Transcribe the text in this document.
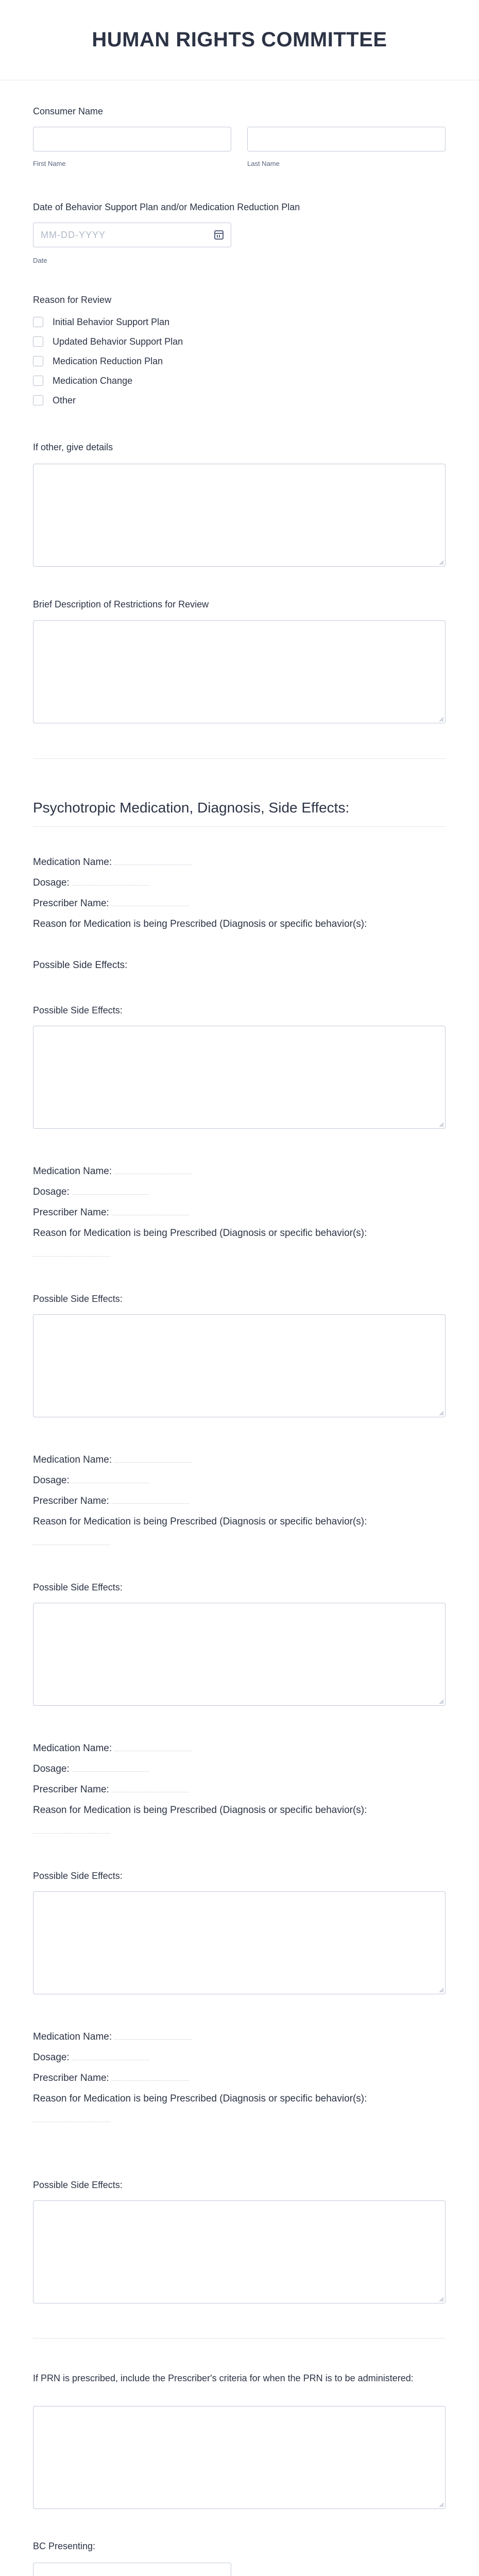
HUMAN RIGHTS COMMITTEE
Consumer Name
First Name	Last Name
Date of Behavior Support Plan and/or Medication Reduction Plan
MM-DD-YYYY
Date
Reason for Review
Initial Behavior Support Plan
Updated Behavior Support Plan
Medication Reduction Plan
Medication Change
Other
If other, give details
Brief Description of Restrictions for Review
Psychotropic Medication, Diagnosis, Side Effects:
Medication Name:
Dosage:
Prescriber Name:
Reason for Medication is being Prescribed (Diagnosis or specific behavior(s):
Possible Side Effects:
Possible Side Effects:
Medication Name:
Dosage:
Prescriber Name:
Reason for Medication is being Prescribed (Diagnosis or specific behavior(s):
Possible Side Effects:
Medication Name:
Dosage:
Prescriber Name:
Reason for Medication is being Prescribed (Diagnosis or specific behavior(s):
Possible Side Effects:
Medication Name:
Dosage:
Prescriber Name:
Reason for Medication is being Prescribed (Diagnosis or specific behavior(s):
Possible Side Effects:
Medication Name:
Dosage:
Prescriber Name:
Reason for Medication is being Prescribed (Diagnosis or specific behavior(s):
Possible Side Effects:
If PRN is prescribed, include the Prescriber's criteria for when the PRN is to be administered:
BC Presenting:
